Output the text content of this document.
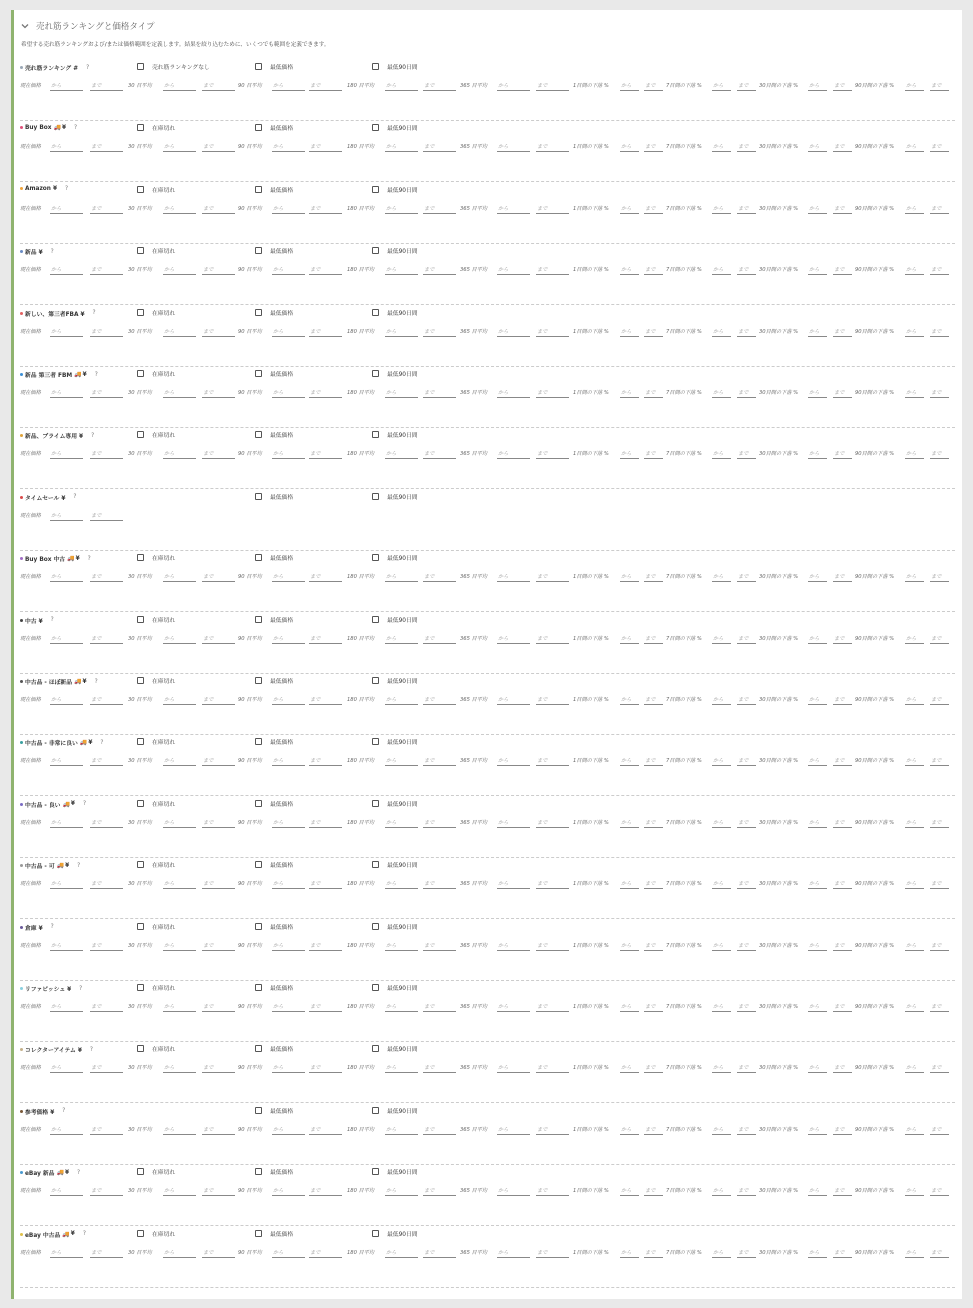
売れ筋ランキングと価格タイプ
希望する売れ筋ランキングおよび/または価格範囲を定義します。結果を絞り込むために、いくつでも範囲を定義できます。
売れ筋ランキング # ?	売れ筋ランキングなし	最低価格	最低90日間
現在価格 から	まで	30 日平均 から	まで	90 日平均 から	まで	180 日平均 から	まで	365 日平均 から	まで	1日間の下落 % から	まで	7日間の下落 % から	まで	30日間の下落 % から	まで	90日間の下落 % から	まで
Buy Box 🚚 ¥ ?	在庫切れ	最低価格	最低90日間
現在価格 から	まで	30 日平均 から	まで	90 日平均 から	まで	180 日平均 から	まで	365 日平均 から	まで	1日間の下落 % から	まで	7日間の下落 % から	まで	30日間の下落 % から	まで	90日間の下落 % から	まで
Amazon ¥ ?	在庫切れ	最低価格	最低90日間
現在価格 から	まで	30 日平均 から	まで	90 日平均 から	まで	180 日平均 から	まで	365 日平均 から	まで	1日間の下落 % から	まで	7日間の下落 % から	まで	30日間の下落 % から	まで	90日間の下落 % から	まで
新品 ¥ ?	在庫切れ	最低価格	最低90日間
現在価格 から	まで	30 日平均 から	まで	90 日平均 から	まで	180 日平均 から	まで	365 日平均 から	まで	1日間の下落 % から	まで	7日間の下落 % から	まで	30日間の下落 % から	まで	90日間の下落 % から	まで
新しい、第三者FBA ¥ ?	在庫切れ	最低価格	最低90日間
現在価格 から	まで	30 日平均 から	まで	90 日平均 から	まで	180 日平均 から	まで	365 日平均 から	まで	1日間の下落 % から	まで	7日間の下落 % から	まで	30日間の下落 % から	まで	90日間の下落 % から	まで
新品 第三者 FBM 🚚 ¥ ?	在庫切れ	最低価格	最低90日間
現在価格 から	まで	30 日平均 から	まで	90 日平均 から	まで	180 日平均 から	まで	365 日平均 から	まで	1日間の下落 % から	まで	7日間の下落 % から	まで	30日間の下落 % から	まで	90日間の下落 % から	まで
新品、プライム専用 ¥ ?	在庫切れ	最低価格	最低90日間
現在価格 から	まで	30 日平均 から	まで	90 日平均 から	まで	180 日平均 から	まで	365 日平均 から	まで	1日間の下落 % から	まで	7日間の下落 % から	まで	30日間の下落 % から	まで	90日間の下落 % から	まで
タイムセール ¥ ?	最低価格	最低90日間
現在価格 から	まで
Buy Box 中古 🚚 ¥ ?	在庫切れ	最低価格	最低90日間
現在価格 から	まで	30 日平均 から	まで	90 日平均 から	まで	180 日平均 から	まで	365 日平均 から	まで	1日間の下落 % から	まで	7日間の下落 % から	まで	30日間の下落 % から	まで	90日間の下落 % から	まで
中古 ¥ ?	在庫切れ	最低価格	最低90日間
現在価格 から	まで	30 日平均 から	まで	90 日平均 から	まで	180 日平均 から	まで	365 日平均 から	まで	1日間の下落 % から	まで	7日間の下落 % から	まで	30日間の下落 % から	まで	90日間の下落 % から	まで
中古品 - ほぼ新品 🚚 ¥ ?	在庫切れ	最低価格	最低90日間
現在価格 から	まで	30 日平均 から	まで	90 日平均 から	まで	180 日平均 から	まで	365 日平均 から	まで	1日間の下落 % から	まで	7日間の下落 % から	まで	30日間の下落 % から	まで	90日間の下落 % から	まで
中古品 - 非常に良い 🚚 ¥ ?	在庫切れ	最低価格	最低90日間
現在価格 から	まで	30 日平均 から	まで	90 日平均 から	まで	180 日平均 から	まで	365 日平均 から	まで	1日間の下落 % から	まで	7日間の下落 % から	まで	30日間の下落 % から	まで	90日間の下落 % から	まで
中古品 - 良い 🚚 ¥ ?	在庫切れ	最低価格	最低90日間
現在価格 から	まで	30 日平均 から	まで	90 日平均 から	まで	180 日平均 から	まで	365 日平均 から	まで	1日間の下落 % から	まで	7日間の下落 % から	まで	30日間の下落 % から	まで	90日間の下落 % から	まで
中古品 - 可 🚚 ¥ ?	在庫切れ	最低価格	最低90日間
現在価格 から	まで	30 日平均 から	まで	90 日平均 から	まで	180 日平均 から	まで	365 日平均 から	まで	1日間の下落 % から	まで	7日間の下落 % から	まで	30日間の下落 % から	まで	90日間の下落 % から	まで
倉庫 ¥ ?	在庫切れ	最低価格	最低90日間
現在価格 から	まで	30 日平均 から	まで	90 日平均 から	まで	180 日平均 から	まで	365 日平均 から	まで	1日間の下落 % から	まで	7日間の下落 % から	まで	30日間の下落 % から	まで	90日間の下落 % から	まで
リファビッシュ ¥ ?	在庫切れ	最低価格	最低90日間
現在価格 から	まで	30 日平均 から	まで	90 日平均 から	まで	180 日平均 から	まで	365 日平均 から	まで	1日間の下落 % から	まで	7日間の下落 % から	まで	30日間の下落 % から	まで	90日間の下落 % から	まで
コレクターアイテム ¥ ?	在庫切れ	最低価格	最低90日間
現在価格 から	まで	30 日平均 から	まで	90 日平均 から	まで	180 日平均 から	まで	365 日平均 から	まで	1日間の下落 % から	まで	7日間の下落 % から	まで	30日間の下落 % から	まで	90日間の下落 % から	まで
参考価格 ¥ ?	最低価格	最低90日間
現在価格 から	まで	30 日平均 から	まで	90 日平均 から	まで	180 日平均 から	まで	365 日平均 から	まで	1日間の下落 % から	まで	7日間の下落 % から	まで	30日間の下落 % から	まで	90日間の下落 % から	まで
eBay 新品 🚚 ¥ ?	在庫切れ	最低価格	最低90日間
現在価格 から	まで	30 日平均 から	まで	90 日平均 から	まで	180 日平均 から	まで	365 日平均 から	まで	1日間の下落 % から	まで	7日間の下落 % から	まで	30日間の下落 % から	まで	90日間の下落 % から	まで
eBay 中古品 🚚 ¥ ?	在庫切れ	最低価格	最低90日間
現在価格 から	まで	30 日平均 から	まで	90 日平均 から	まで	180 日平均 から	まで	365 日平均 から	まで	1日間の下落 % から	まで	7日間の下落 % から	まで	30日間の下落 % から	まで	90日間の下落 % から	まで
